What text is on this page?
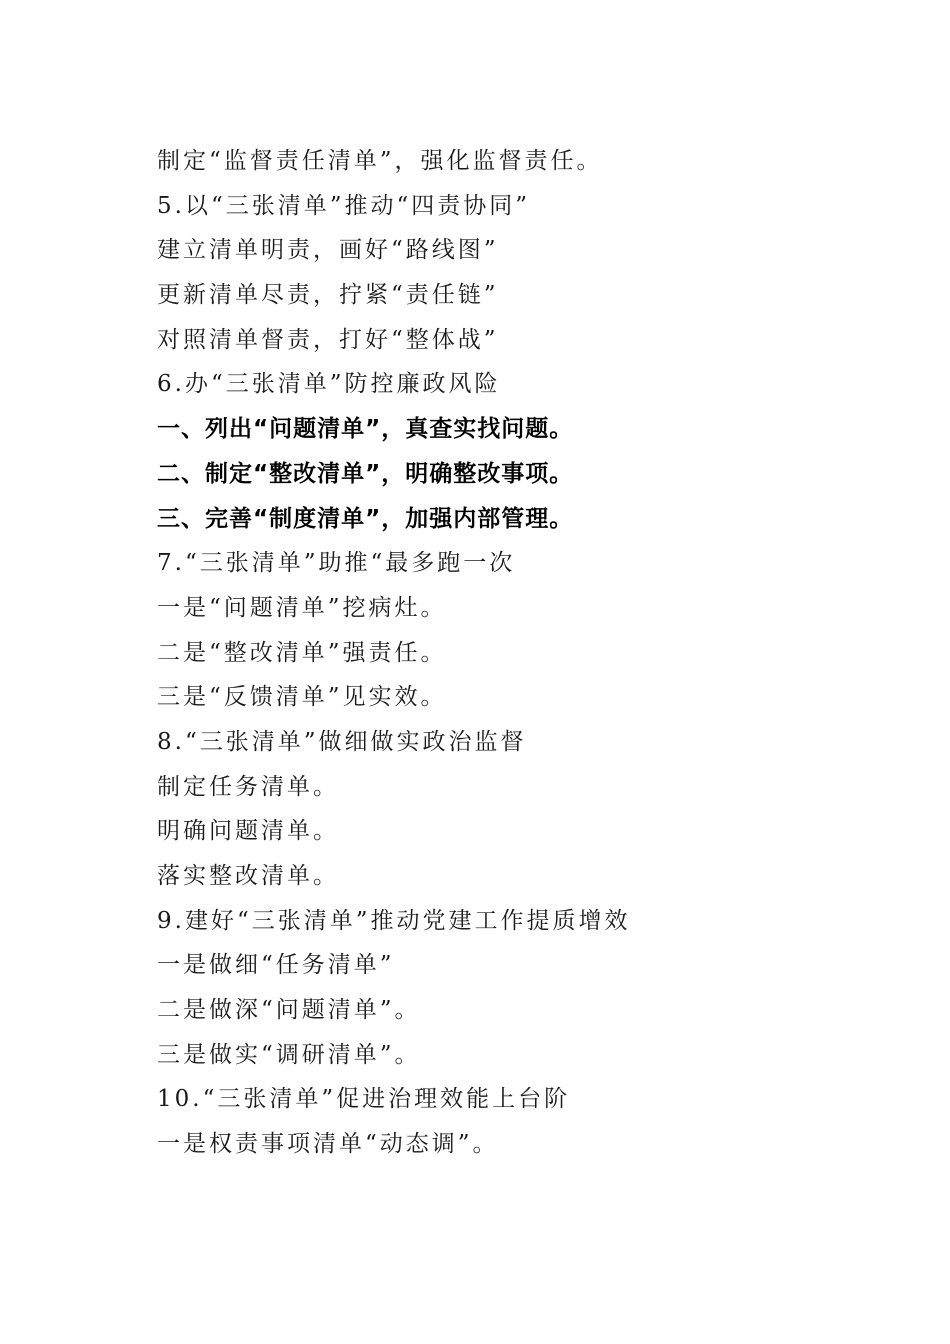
制定“监督责任清单”，强化监督责任。
5.以“三张清单”推动“四责协同”
建立清单明责，画好“路线图”
更新清单尽责，拧紧“责任链”
对照清单督责，打好“整体战”
6.办“三张清单”防控廉政风险
一、列出“问题清单”，真查实找问题。
二、制定“整改清单”，明确整改事项。
三、完善“制度清单”，加强内部管理。
7.“三张清单”助推“最多跑一次
一是“问题清单”挖病灶。
二是“整改清单”强责任。
三是“反馈清单”见实效。
8.“三张清单”做细做实政治监督
制定任务清单。
明确问题清单。
落实整改清单。
9.建好“三张清单”推动党建工作提质增效
一是做细“任务清单”
二是做深“问题清单”。
三是做实“调研清单”。
10.“三张清单”促进治理效能上台阶
一是权责事项清单“动态调”。
